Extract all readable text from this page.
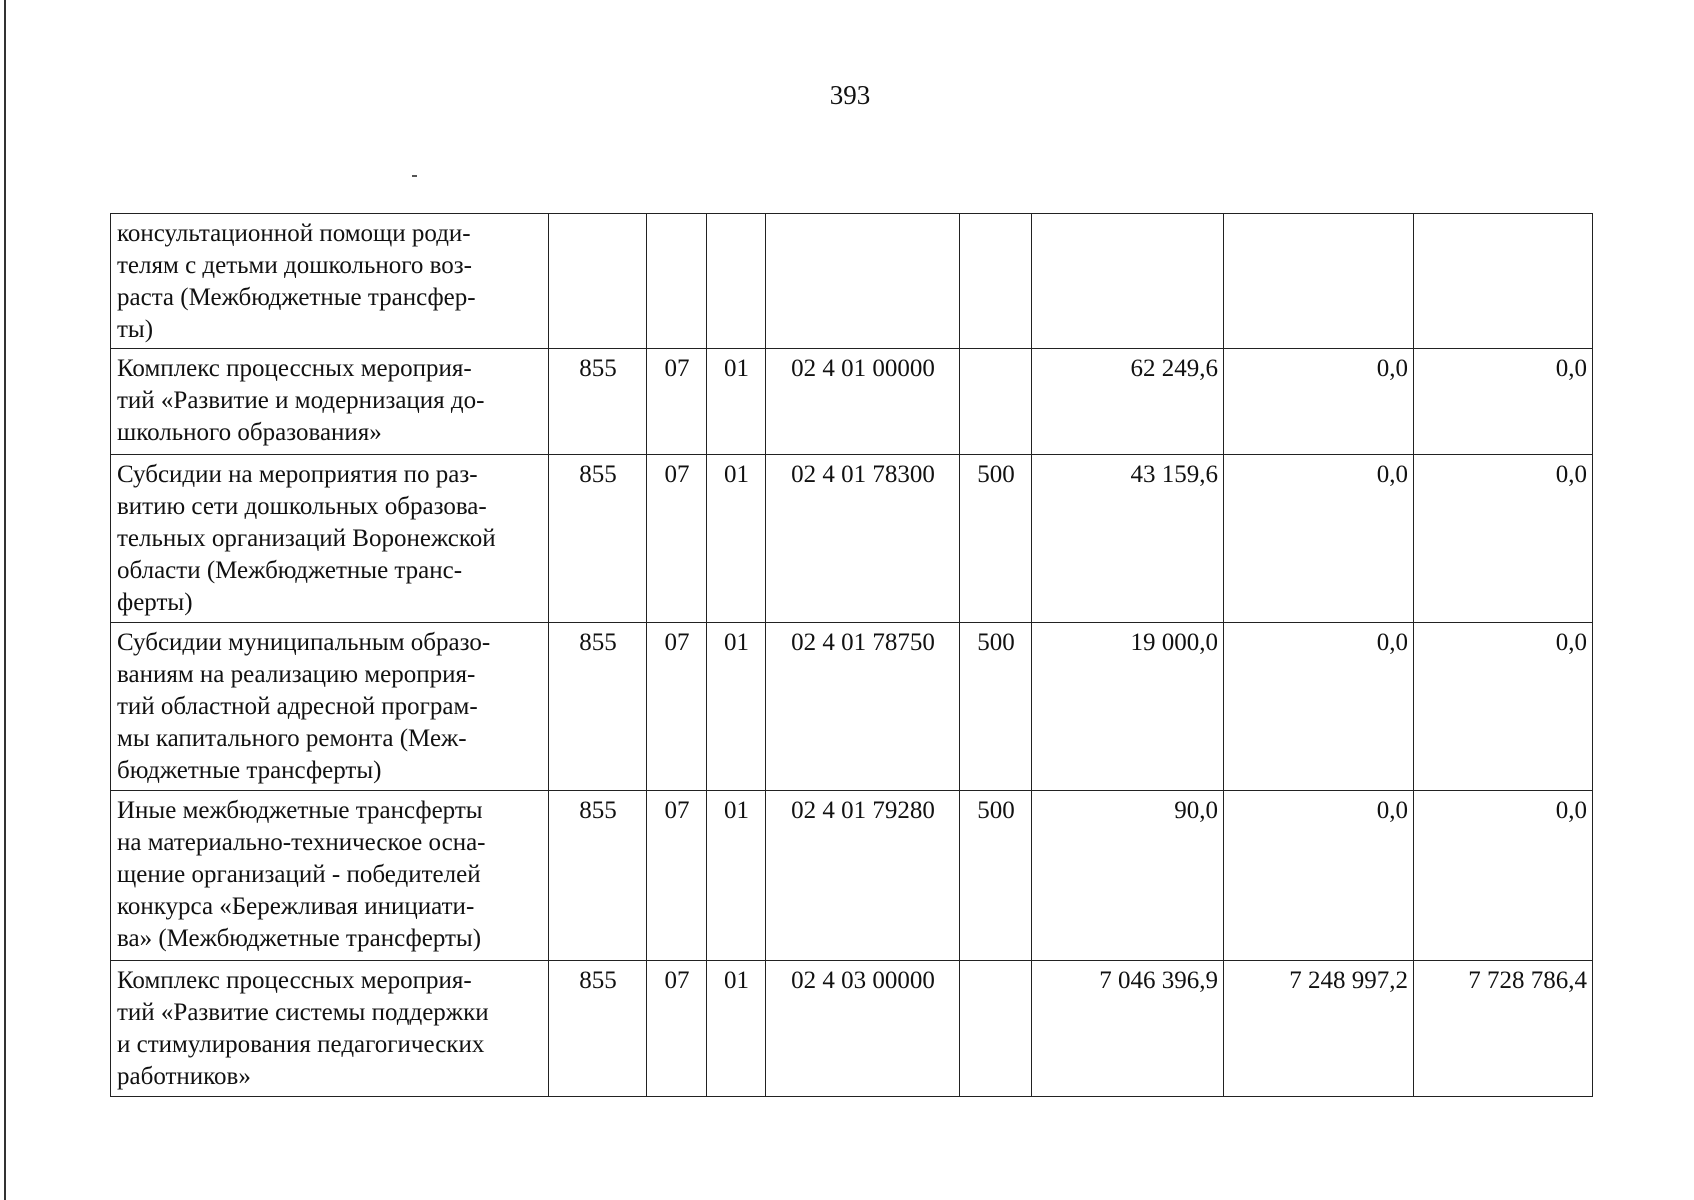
393
консультационной помощи роди-
телям с детьми дошкольного воз-
раста (Межбюджетные трансфер-
ты)								
Комплекс процессных мероприя-
тий «Развитие и модернизация до-
школьного образования»	855	07	01	02 4 01 00000		62 249,6	0,0	0,0
Субсидии на мероприятия по раз-
витию сети дошкольных образова-
тельных организаций Воронежской
области (Межбюджетные транс-
ферты)	855	07	01	02 4 01 78300	500	43 159,6	0,0	0,0
Субсидии муниципальным образо-
ваниям на реализацию мероприя-
тий областной адресной програм-
мы капитального ремонта (Меж-
бюджетные трансферты)	855	07	01	02 4 01 78750	500	19 000,0	0,0	0,0
Иные межбюджетные трансферты
на материально-техническое осна-
щение организаций - победителей
конкурса «Бережливая инициати-
ва» (Межбюджетные трансферты)	855	07	01	02 4 01 79280	500	90,0	0,0	0,0
Комплекс процессных мероприя-
тий «Развитие системы поддержки
и стимулирования педагогических
работников»	855	07	01	02 4 03 00000		7 046 396,9	7 248 997,2	7 728 786,4
